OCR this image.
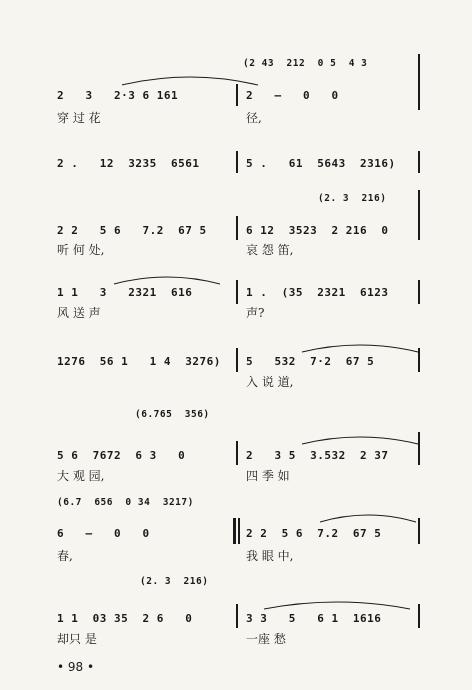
(2 43  212  0 5  4 3
2   3   2·3 6 161
穿 过 花
2   —   0   0
径,
2 .   12  3235  6561	5 .   61  5643  2316)
(2. 3  216)
2 2   5 6   7.2  67 5
听 何 处,
6 12  3523  2 216  0
哀 怨 笛,
1 1   3   2321  616
风 送 声
1 .  (35  2321  6123
声?
1276  56 1   1 4  3276) 5   532  7·2  67 5
入 说 道,
(6.765  356)
5 6  7672  6 3   0
大 观 园,
2   3 5  3.532  2 37
四 季 如
(6.7  656  0 34  3217)
6   —   0   0
春,
2 2  5 6  7.2  67 5
我 眼 中,
(2. 3  216)
1 1  03 35  2 6   0
却只 是
3 3   5   6 1  1616
一座 愁
• 98 •
